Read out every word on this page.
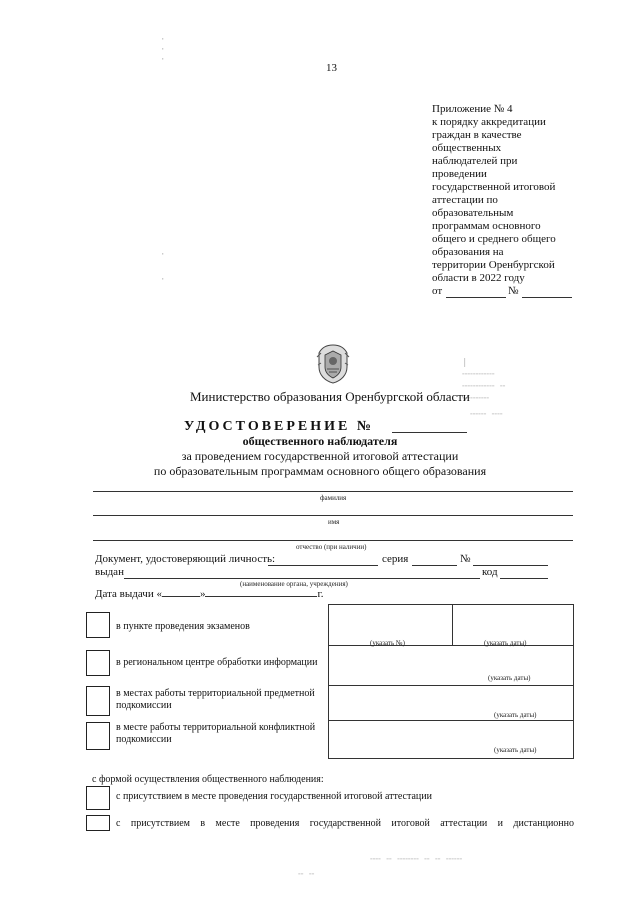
·
·
·
·
·
13
Приложение № 4
к порядку аккредитации
граждан в качестве
общественных
наблюдателей при
проведении
государственной итоговой
аттестации по
образовательным
программам основного
общего и среднего общего
образования на
территории Оренбургской
области в 2022 году
от	№
|
╌╌╌╌╌╌
╌╌╌╌╌╌ ╌
╌╌╌╌╌
╌╌╌ ╌╌
Министерство образования Оренбургской области
УДОСТОВЕРЕНИЕ №
общественного наблюдателя
за проведением государственной итоговой аттестации
по образовательным программам основного общего образования
фамилия
имя
отчество (при наличии)
Документ, удостоверяющий личность:	серия	№
выдан	код
(наименование органа, учреждения)
Дата выдачи «	»	г.
в пункте проведения экзаменов
(указать №)	(указать даты)
в региональном центре обработки информации
(указать даты)
в местах работы территориальной предметной подкомиссии
(указать даты)
в месте работы территориальной конфликтной подкомиссии
(указать даты)
с формой осуществления общественного наблюдения:
с присутствием в месте проведения государственной итоговой аттестации
с присутствием в месте проведения государственной итоговой аттестации и дистанционно
╌╌ ╌ ╌╌╌╌ ╌ ╌ ╌╌╌
╌ ╌
